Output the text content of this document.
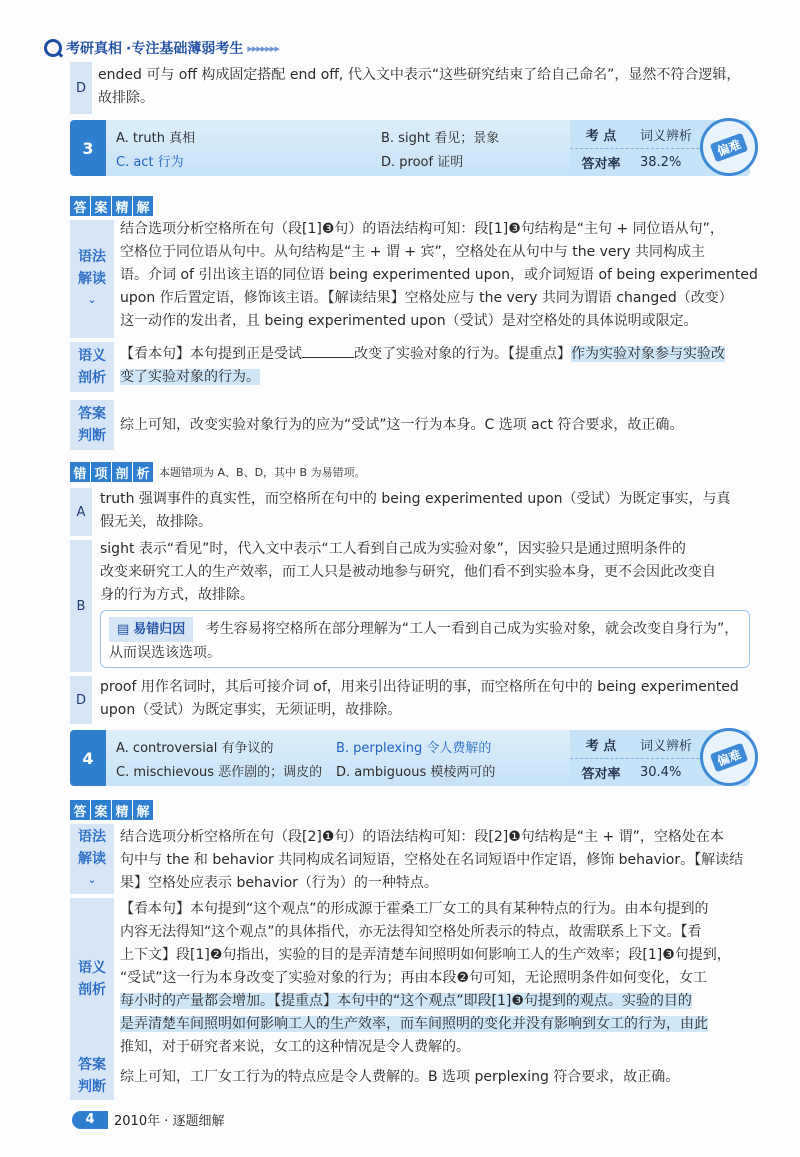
考研真相 ·专注基础薄弱考生 ▸▸▸▸▸▸▸
D
ended 可与 off 构成固定搭配 end off, 代入文中表示“这些研究结束了给自己命名”，显然不符合逻辑，
故排除。
3	A. truth 真相	B. sight 看见；景象
C. act 行为	D. proof 证明
考 点	词义辨析
答对率	38.2%
偏难
答 案 精 解
语法
解读
⌄
结合选项分析空格所在句（段[1]❸句）的语法结构可知：段[1]❸句结构是“主句 + 同位语从句”，
空格位于同位语从句中。从句结构是“主 + 谓 + 宾”，空格处在从句中与 the very 共同构成主
语。介词 of 引出该主语的同位语 being experimented upon，或介词短语 of being experimented
upon 作后置定语，修饰该主语。【解读结果】空格处应与 the very 共同为谓语 changed（改变）
这一动作的发出者，且 being experimented upon（受试）是对空格处的具体说明或限定。
语义
剖析
【看本句】本句提到正是受试	改变了实验对象的行为。【提重点】作为实验对象参与实验改
变了实验对象的行为。
答案
判断
综上可知，改变实验对象行为的应为“受试”这一行为本身。C 选项 act 符合要求，故正确。
错 项 剖 析 本题错项为 A、B、D，其中 B 为易错项。
A
truth 强调事件的真实性，而空格所在句中的 being experimented upon（受试）为既定事实，与真
假无关，故排除。
B
sight 表示“看见”时，代入文中表示“工人看到自己成为实验对象”，因实验只是通过照明条件的
改变来研究工人的生产效率，而工人只是被动地参与研究，他们看不到实验本身，更不会因此改变自
身的行为方式，故排除。
▤ 易错归因 考生容易将空格所在部分理解为“工人一看到自己成为实验对象，就会改变自身行为”，
从而误选该选项。
D
proof 用作名词时，其后可接介词 of，用来引出待证明的事，而空格所在句中的 being experimented
upon（受试）为既定事实，无须证明，故排除。
4	A. controversial 有争议的	B. perplexing 令人费解的
C. mischievous 恶作剧的；调皮的 D. ambiguous 模棱两可的
考 点	词义辨析
答对率	30.4%
偏难
答 案 精 解
语法
解读
⌄
结合选项分析空格所在句（段[2]❶句）的语法结构可知：段[2]❶句结构是“主 + 谓”，空格处在本
句中与 the 和 behavior 共同构成名词短语，空格处在名词短语中作定语，修饰 behavior。【解读结
果】空格处应表示 behavior（行为）的一种特点。
语义
剖析
【看本句】本句提到“这个观点”的形成源于霍桑工厂女工的具有某种特点的行为。由本句提到的
内容无法得知“这个观点”的具体指代，亦无法得知空格处所表示的特点，故需联系上下文。【看
上下文】段[1]❷句指出，实验的目的是弄清楚车间照明如何影响工人的生产效率；段[1]❸句提到，
“受试”这一行为本身改变了实验对象的行为；再由本段❷句可知，无论照明条件如何变化，女工
每小时的产量都会增加。【提重点】本句中的“这个观点”即段[1]❸句提到的观点。实验的目的
是弄清楚车间照明如何影响工人的生产效率，而车间照明的变化并没有影响到女工的行为，由此
推知，对于研究者来说，女工的这种情况是令人费解的。
答案
判断
综上可知，工厂女工行为的特点应是令人费解的。B 选项 perplexing 符合要求，故正确。
4	2010年 · 逐题细解
